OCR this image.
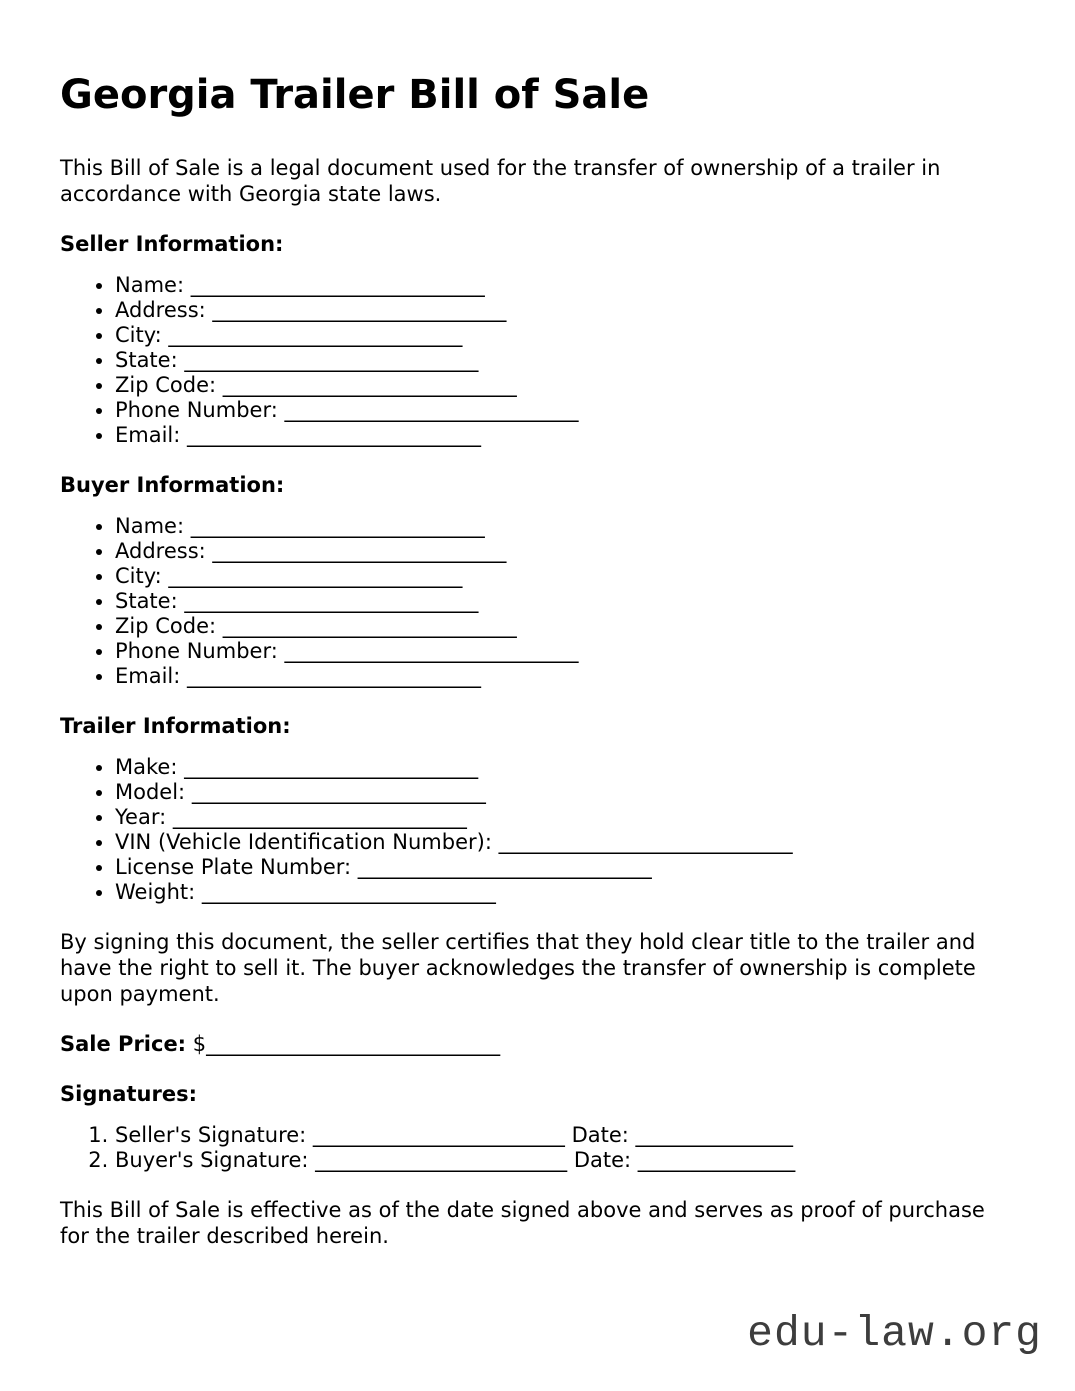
Georgia Trailer Bill of Sale

This Bill of Sale is a legal document used for the transfer of ownership of a trailer in accordance with Georgia state laws.

Seller Information:

• Name: ____________________________
• Address: ____________________________
• City: ____________________________
• State: ____________________________
• Zip Code: ____________________________
• Phone Number: ____________________________
• Email: ____________________________

Buyer Information:

• Name: ____________________________
• Address: ____________________________
• City: ____________________________
• State: ____________________________
• Zip Code: ____________________________
• Phone Number: ____________________________
• Email: ____________________________

Trailer Information:

• Make: ____________________________
• Model: ____________________________
• Year: ____________________________
• VIN (Vehicle Identification Number): ____________________________
• License Plate Number: ____________________________
• Weight: ____________________________

By signing this document, the seller certifies that they hold clear title to the trailer and have the right to sell it. The buyer acknowledges the transfer of ownership is complete upon payment.

Sale Price: $____________________________

Signatures:

1. Seller's Signature: ________________________ Date: _______________
2. Buyer's Signature: ________________________ Date: _______________

This Bill of Sale is effective as of the date signed above and serves as proof of purchase for the trailer described herein.

edu-law.org
